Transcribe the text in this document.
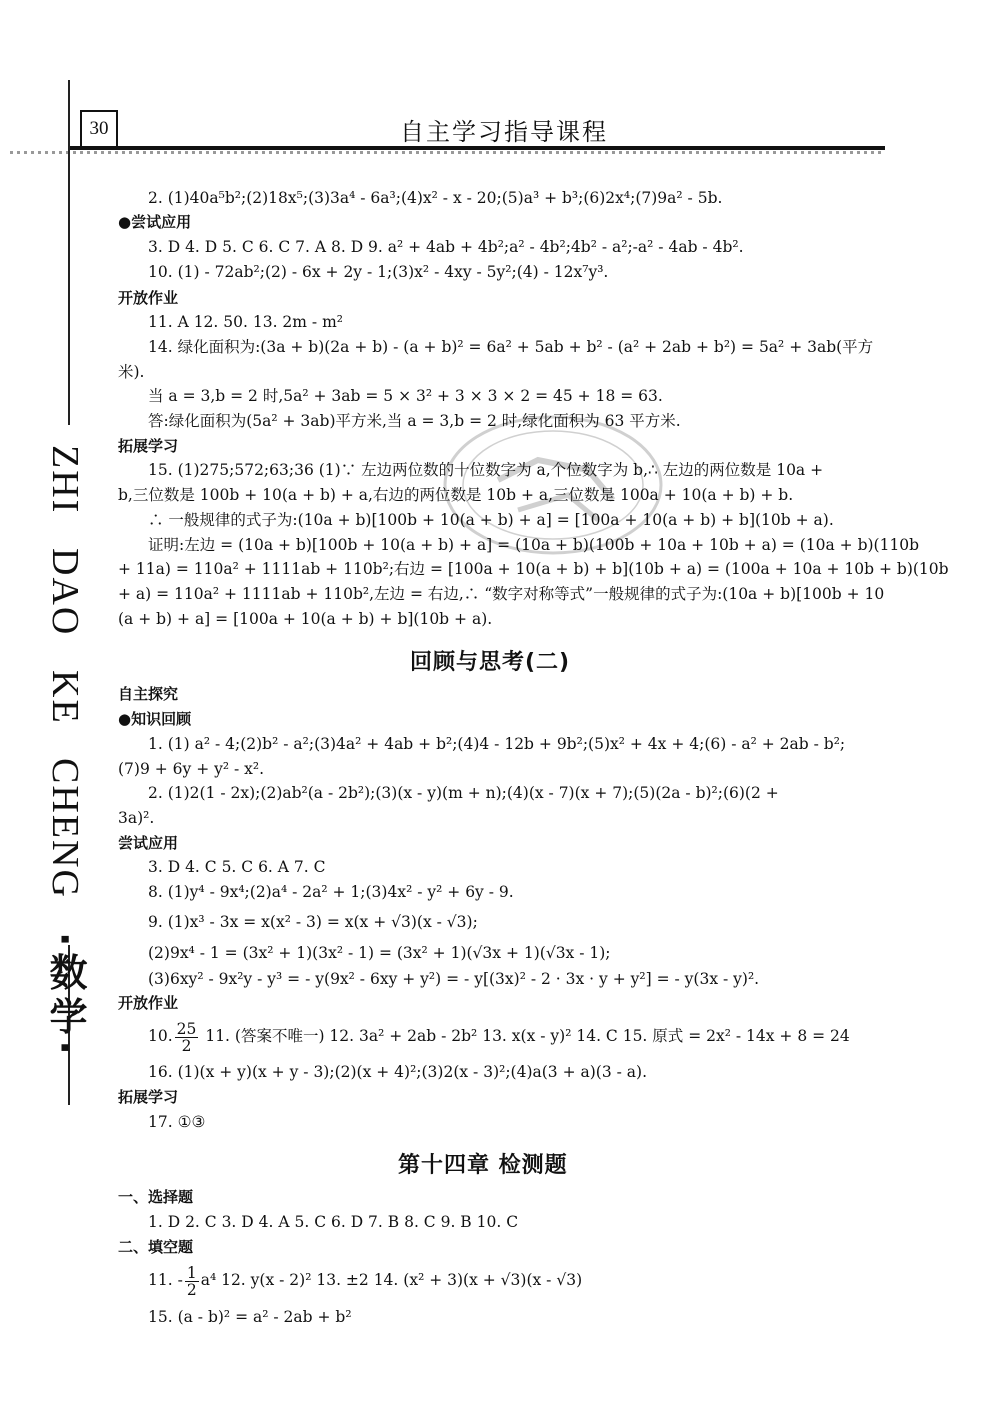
30	自主学习指导课程
ZHI DAO KE CHENG ·数学·
2. (1)40a⁵b²;(2)18x⁵;(3)3a⁴ - 6a³;(4)x² - x - 20;(5)a³ + b³;(6)2x⁴;(7)9a² - 5b.
●尝试应用
3. D 4. D 5. C 6. C 7. A 8. D 9. a² + 4ab + 4b²;a² - 4b²;4b² - a²;-a² - 4ab - 4b².
10. (1) - 72ab²;(2) - 6x + 2y - 1;(3)x² - 4xy - 5y²;(4) - 12x⁷y³.
开放作业
11. A 12. 50. 13. 2m - m²
14. 绿化面积为:(3a + b)(2a + b) - (a + b)² = 6a² + 5ab + b² - (a² + 2ab + b²) = 5a² + 3ab(平方
米).
当 a = 3,b = 2 时,5a² + 3ab = 5 × 3² + 3 × 3 × 2 = 45 + 18 = 63.
答:绿化面积为(5a² + 3ab)平方米,当 a = 3,b = 2 时,绿化面积为 63 平方米.
拓展学习
15. (1)275;572;63;36 (1)∵ 左边两位数的十位数字为 a,个位数字为 b,∴ 左边的两位数是 10a +
b,三位数是 100b + 10(a + b) + a,右边的两位数是 10b + a,三位数是 100a + 10(a + b) + b.
∴ 一般规律的式子为:(10a + b)[100b + 10(a + b) + a] = [100a + 10(a + b) + b](10b + a).
证明:左边 = (10a + b)[100b + 10(a + b) + a] = (10a + b)(100b + 10a + 10b + a) = (10a + b)(110b
+ 11a) = 110a² + 1111ab + 110b²;右边 = [100a + 10(a + b) + b](10b + a) = (100a + 10a + 10b + b)(10b
+ a) = 110a² + 1111ab + 110b²,左边 = 右边,∴ “数字对称等式”一般规律的式子为:(10a + b)[100b + 10
(a + b) + a] = [100a + 10(a + b) + b](10b + a).
回顾与思考(二)
自主探究
●知识回顾
1. (1) a² - 4;(2)b² - a²;(3)4a² + 4ab + b²;(4)4 - 12b + 9b²;(5)x² + 4x + 4;(6) - a² + 2ab - b²;
(7)9 + 6y + y² - x².
2. (1)2(1 - 2x);(2)ab²(a - 2b²);(3)(x - y)(m + n);(4)(x - 7)(x + 7);(5)(2a - b)²;(6)(2 +
3a)².
尝试应用
3. D 4. C 5. C 6. A 7. C
8. (1)y⁴ - 9x⁴;(2)a⁴ - 2a² + 1;(3)4x² - y² + 6y - 9.
9. (1)x³ - 3x = x(x² - 3) = x(x + √3)(x - √3);
(2)9x⁴ - 1 = (3x² + 1)(3x² - 1) = (3x² + 1)(√3x + 1)(√3x - 1);
(3)6xy² - 9x²y - y³ = - y(9x² - 6xy + y²) = - y[(3x)² - 2 · 3x · y + y²] = - y(3x - y)².
开放作业
10. $\frac{25}{2} 11$. (答案不唯一) 12. 3a² + 2ab - 2b² 13. x(x - y)² 14. C 15. 原式 = 2x² - 14x + 8 = 24
16. (1)(x + y)(x + y - 3);(2)(x + 4)²;(3)2(x - 3)²;(4)a(3 + a)(3 - a).
拓展学习
17. ①③
第十四章 检测题
一、选择题
1. D 2. C 3. D 4. A 5. C 6. D 7. B 8. C 9. B 10. C
二、填空题
11. - $\frac{1}{2} a^4$ 12. y(x - 2)² 13. ±2 14. (x² + 3)(x + √3)(x - √3)
15. (a - b)² = a² - 2ab + b²
